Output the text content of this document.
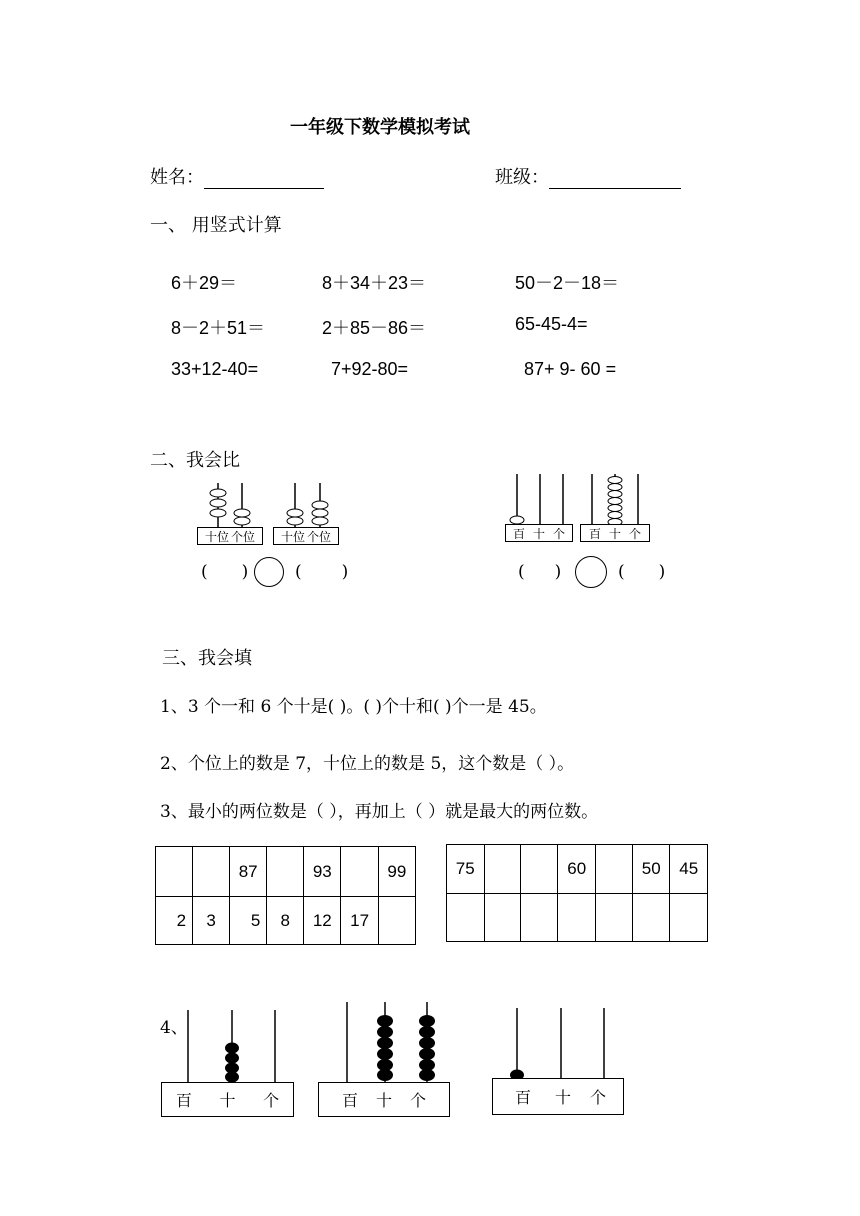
一年级下数学模拟考试
姓名：	班级：
一、 用竖式计算
6＋29＝	8＋34＋23＝	50－2－18＝
8－2＋51＝	2＋85－86＝	65-45-4=
33+12-40=	7+92-80=	87+ 9- 60 =
二、我会比
十位 个位 十位 个位
( )	( )
百 十 个 百 十 个
( )	( )
三、我会填
1、3 个一和 6 个十是( )。( )个十和( )个一是 45。
2、个位上的数是 7，十位上的数是 5，这个数是（ ）。
3、最小的两位数是（ ），再加上（ ）就是最大的两位数。
		87		93		99
2	3	5	8	12	17	
75			60		50	45

4、
百	十	个	百	十	个	百	十	个
